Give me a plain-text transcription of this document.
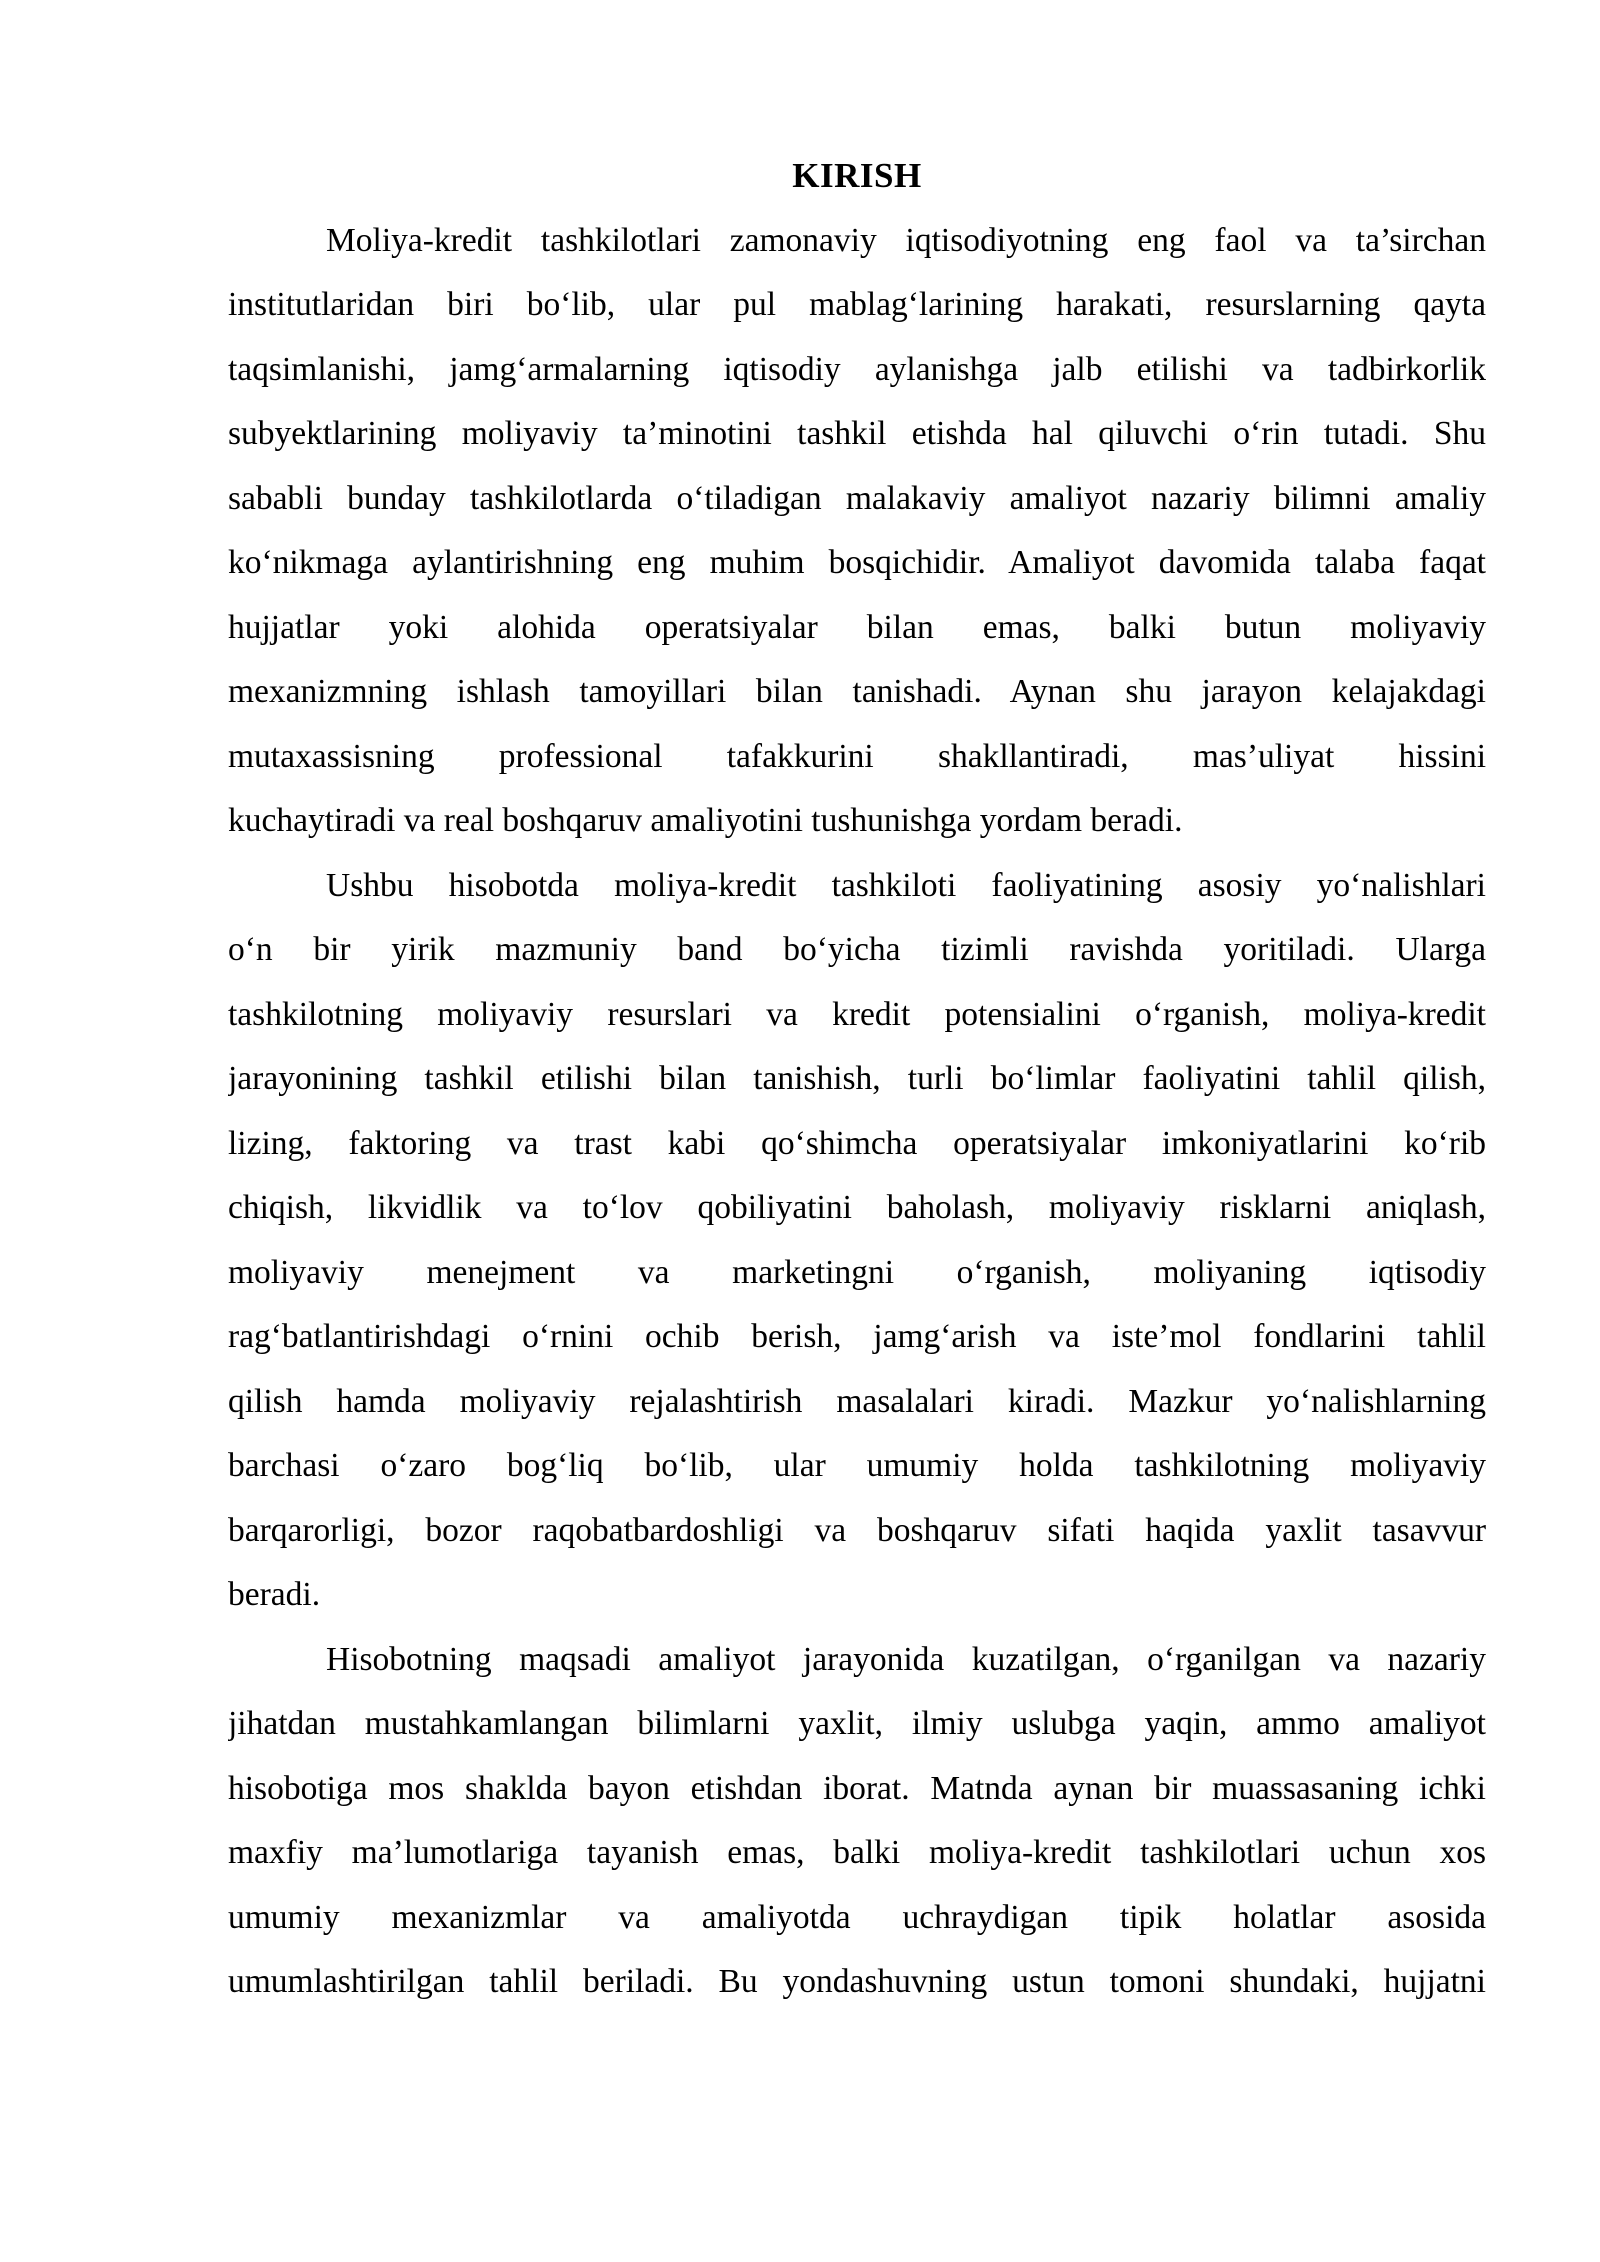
KIRISH
Moliya-kredit tashkilotlari zamonaviy iqtisodiyotning eng faol va ta’sirchan
institutlaridan biri bo‘lib, ular pul mablag‘larining harakati, resurslarning qayta
taqsimlanishi, jamg‘armalarning iqtisodiy aylanishga jalb etilishi va tadbirkorlik
subyektlarining moliyaviy ta’minotini tashkil etishda hal qiluvchi o‘rin tutadi. Shu
sababli bunday tashkilotlarda o‘tiladigan malakaviy amaliyot nazariy bilimni amaliy
ko‘nikmaga aylantirishning eng muhim bosqichidir. Amaliyot davomida talaba faqat
hujjatlar yoki alohida operatsiyalar bilan emas, balki butun moliyaviy
mexanizmning ishlash tamoyillari bilan tanishadi. Aynan shu jarayon kelajakdagi
mutaxassisning professional tafakkurini shakllantiradi, mas’uliyat hissini
kuchaytiradi va real boshqaruv amaliyotini tushunishga yordam beradi.
Ushbu hisobotda moliya-kredit tashkiloti faoliyatining asosiy yo‘nalishlari
o‘n bir yirik mazmuniy band bo‘yicha tizimli ravishda yoritiladi. Ularga
tashkilotning moliyaviy resurslari va kredit potensialini o‘rganish, moliya-kredit
jarayonining tashkil etilishi bilan tanishish, turli bo‘limlar faoliyatini tahlil qilish,
lizing, faktoring va trast kabi qo‘shimcha operatsiyalar imkoniyatlarini ko‘rib
chiqish, likvidlik va to‘lov qobiliyatini baholash, moliyaviy risklarni aniqlash,
moliyaviy menejment va marketingni o‘rganish, moliyaning iqtisodiy
rag‘batlantirishdagi o‘rnini ochib berish, jamg‘arish va iste’mol fondlarini tahlil
qilish hamda moliyaviy rejalashtirish masalalari kiradi. Mazkur yo‘nalishlarning
barchasi o‘zaro bog‘liq bo‘lib, ular umumiy holda tashkilotning moliyaviy
barqarorligi, bozor raqobatbardoshligi va boshqaruv sifati haqida yaxlit tasavvur
beradi.
Hisobotning maqsadi amaliyot jarayonida kuzatilgan, o‘rganilgan va nazariy
jihatdan mustahkamlangan bilimlarni yaxlit, ilmiy uslubga yaqin, ammo amaliyot
hisobotiga mos shaklda bayon etishdan iborat. Matnda aynan bir muassasaning ichki
maxfiy ma’lumotlariga tayanish emas, balki moliya-kredit tashkilotlari uchun xos
umumiy mexanizmlar va amaliyotda uchraydigan tipik holatlar asosida
umumlashtirilgan tahlil beriladi. Bu yondashuvning ustun tomoni shundaki, hujjatni
